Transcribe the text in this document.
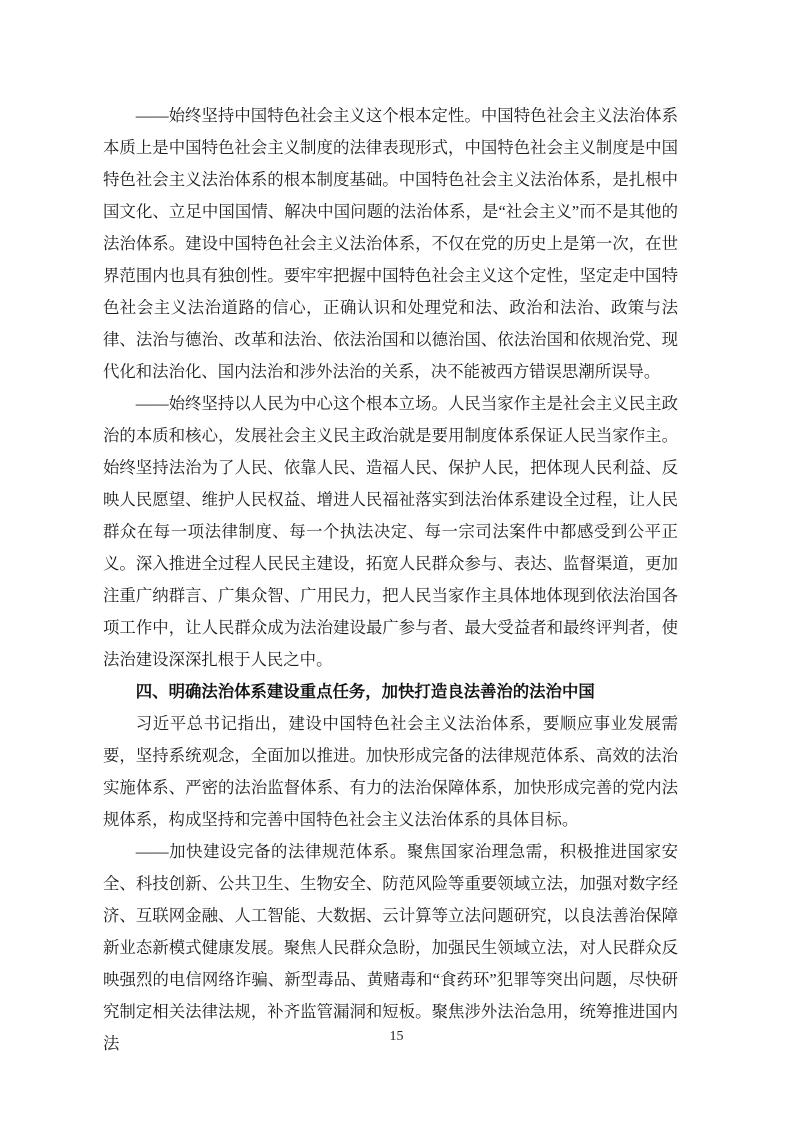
——始终坚持中国特色社会主义这个根本定性。中国特色社会主义法治体系本质上是中国特色社会主义制度的法律表现形式，中国特色社会主义制度是中国特色社会主义法治体系的根本制度基础。中国特色社会主义法治体系，是扎根中国文化、立足中国国情、解决中国问题的法治体系，是“社会主义”而不是其他的法治体系。建设中国特色社会主义法治体系，不仅在党的历史上是第一次，在世界范围内也具有独创性。要牢牢把握中国特色社会主义这个定性，坚定走中国特色社会主义法治道路的信心，正确认识和处理党和法、政治和法治、政策与法律、法治与德治、改革和法治、依法治国和以德治国、依法治国和依规治党、现代化和法治化、国内法治和涉外法治的关系，决不能被西方错误思潮所误导。

——始终坚持以人民为中心这个根本立场。人民当家作主是社会主义民主政治的本质和核心，发展社会主义民主政治就是要用制度体系保证人民当家作主。始终坚持法治为了人民、依靠人民、造福人民、保护人民，把体现人民利益、反映人民愿望、维护人民权益、增进人民福祉落实到法治体系建设全过程，让人民群众在每一项法律制度、每一个执法决定、每一宗司法案件中都感受到公平正义。深入推进全过程人民民主建设，拓宽人民群众参与、表达、监督渠道，更加注重广纳群言、广集众智、广用民力，把人民当家作主具体地体现到依法治国各项工作中，让人民群众成为法治建设最广参与者、最大受益者和最终评判者，使法治建设深深扎根于人民之中。

四、明确法治体系建设重点任务，加快打造良法善治的法治中国

习近平总书记指出，建设中国特色社会主义法治体系，要顺应事业发展需要，坚持系统观念，全面加以推进。加快形成完备的法律规范体系、高效的法治实施体系、严密的法治监督体系、有力的法治保障体系，加快形成完善的党内法规体系，构成坚持和完善中国特色社会主义法治体系的具体目标。

——加快建设完备的法律规范体系。聚焦国家治理急需，积极推进国家安全、科技创新、公共卫生、生物安全、防范风险等重要领域立法，加强对数字经济、互联网金融、人工智能、大数据、云计算等立法问题研究，以良法善治保障新业态新模式健康发展。聚焦人民群众急盼，加强民生领域立法，对人民群众反映强烈的电信网络诈骗、新型毒品、黄赌毒和“食药环”犯罪等突出问题，尽快研究制定相关法律法规，补齐监管漏洞和短板。聚焦涉外法治急用，统筹推进国内法	15
